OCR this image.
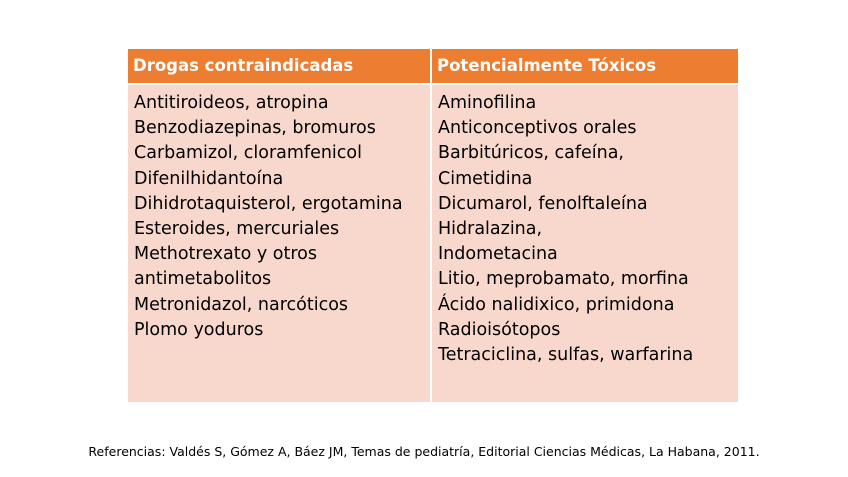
Drogas contraindicadas	Potencialmente Tóxicos
Antitiroideos, atropina
Benzodiazepinas, bromuros
Carbamizol, cloramfenicol
Difenilhidantoína
Dihidrotaquisterol, ergotamina
Esteroides, mercuriales
Methotrexato y otros
antimetabolitos
Metronidazol, narcóticos
Plomo yoduros
Aminofilina
Anticonceptivos orales
Barbitúricos, cafeína,
Cimetidina
Dicumarol, fenolftaleína
Hidralazina,
Indometacina
Litio, meprobamato, morfina
Ácido nalidixico, primidona
Radioisótopos
Tetraciclina, sulfas, warfarina
Referencias: Valdés S, Gómez A, Báez JM, Temas de pediatría, Editorial Ciencias Médicas, La Habana, 2011.
